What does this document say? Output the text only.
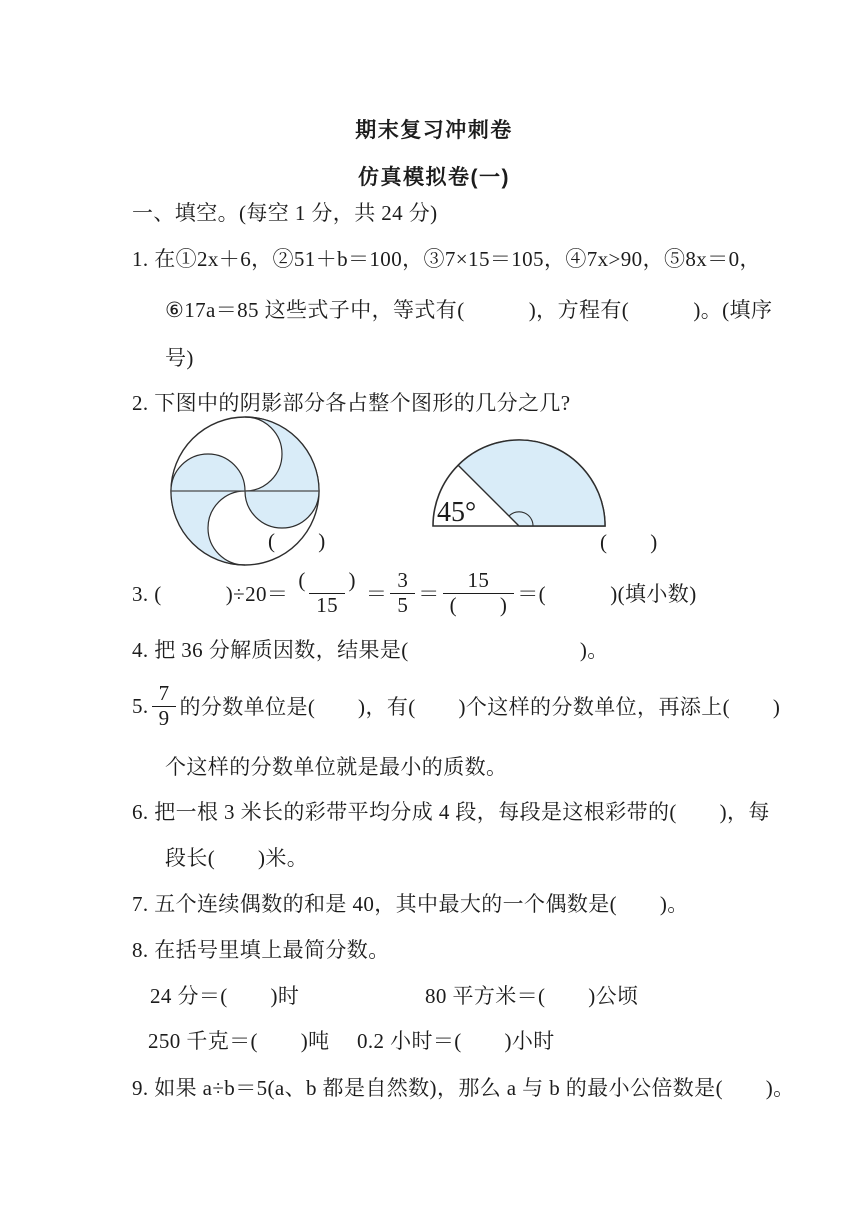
期末复习冲刺卷
仿真模拟卷(一)
一、填空。(每空 1 分，共 24 分)
1. 在①2x＋6，②51＋b＝100，③7×15＝105，④7x>90，⑤8x＝0，
⑥17a＝85 这些式子中，等式有(　　　)，方程有(　　　)。(填序
号)
2. 下图中的阴影部分各占整个图形的几分之几?
(　　)
45°
(　　)
3. (　　　)$\div 20= \frac{( )}{15} = \frac{3}{5} = \frac{15}{( )}$ ＝(　　　)(填小数)
4. 把 36 分解质因数，结果是(　　　　　　　　)。
5. $\frac{7}{9}$ 的分数单位是(　　)，有(　　)个这样的分数单位，再添上(　　)
个这样的分数单位就是最小的质数。
6. 把一根 3 米长的彩带平均分成 4 段，每段是这根彩带的(　　)，每
段长(　　)米。
7. 五个连续偶数的和是 40，其中最大的一个偶数是(　　)。
8. 在括号里填上最简分数。
24 分＝(　　)时	80 平方米＝(　　)公顷
250 千克＝(　　)吨 0.2 小时＝(　　)小时
9. 如果 a÷b＝5(a、b 都是自然数)，那么 a 与 b 的最小公倍数是(　　)。
